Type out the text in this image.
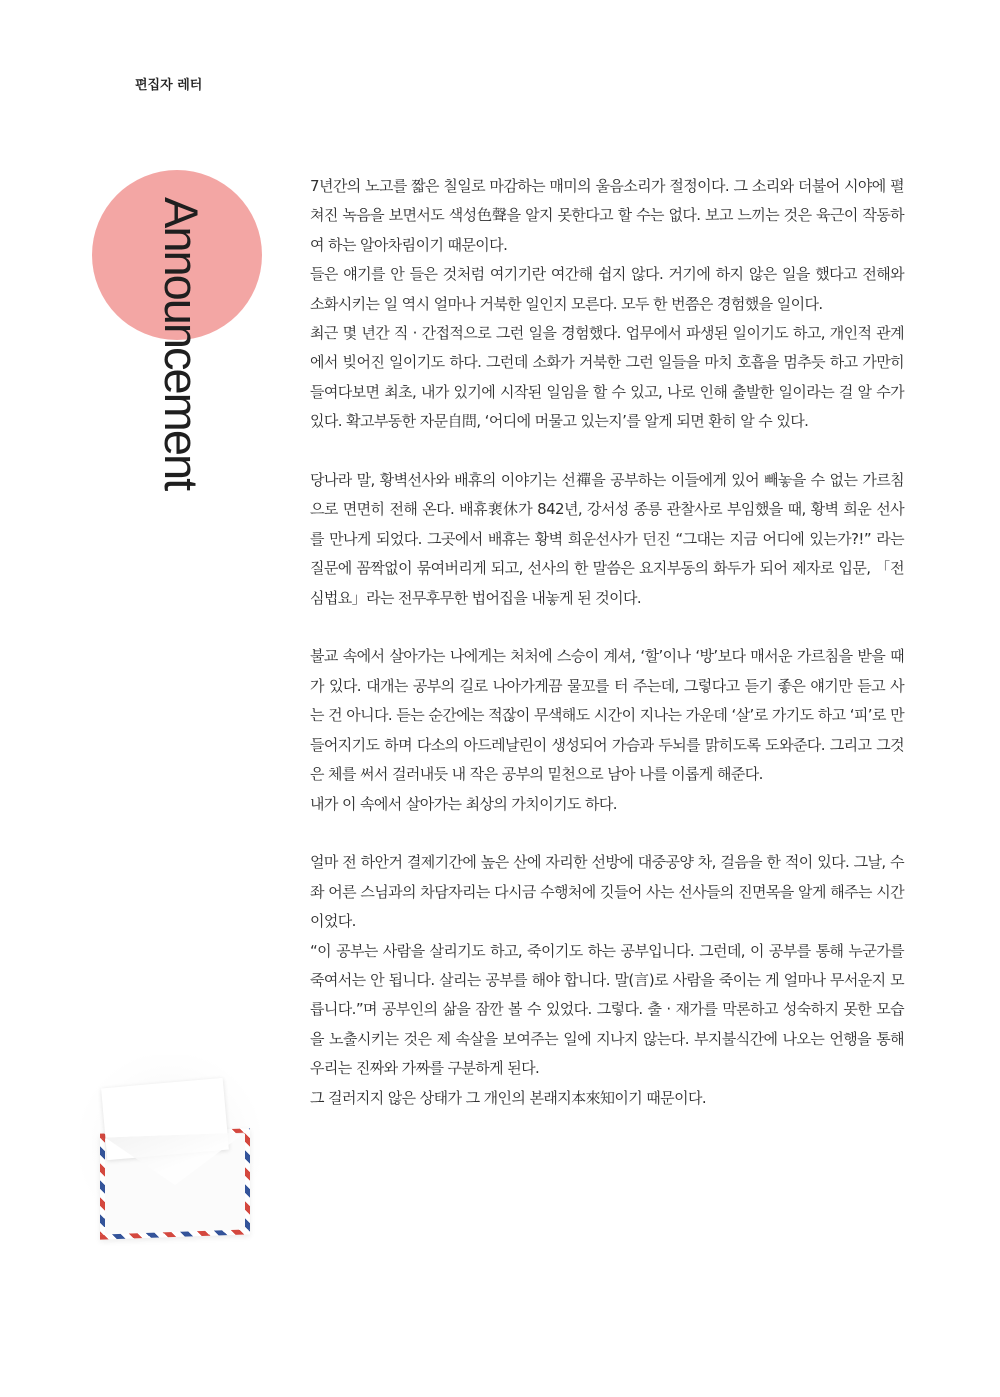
편집자 레터
Announcement

7년간의 노고를 짧은 칠일로 마감하는 매미의 울음소리가 절정이다. 그 소리와 더불어 시야에 펼쳐진 녹음을 보면서도 색성色聲을 알지 못한다고 할 수는 없다. 보고 느끼는 것은 육근이 작동하여 하는 알아차림이기 때문이다.

들은 얘기를 안 들은 것처럼 여기기란 여간해 쉽지 않다. 거기에 하지 않은 일을 했다고 전해와 소화시키는 일 역시 얼마나 거북한 일인지 모른다. 모두 한 번쯤은 경험했을 일이다.

최근 몇 년간 직 · 간접적으로 그런 일을 경험했다. 업무에서 파생된 일이기도 하고, 개인적 관계에서 빚어진 일이기도 하다. 그런데 소화가 거북한 그런 일들을 마치 호흡을 멈추듯 하고 가만히 들여다보면 최초, 내가 있기에 시작된 일임을 할 수 있고, 나로 인해 출발한 일이라는 걸 알 수가 있다. 확고부동한 자문自問, ‘어디에 머물고 있는지’를 알게 되면 환히 알 수 있다.

당나라 말, 황벽선사와 배휴의 이야기는 선禪을 공부하는 이들에게 있어 빼놓을 수 없는 가르침으로 면면히 전해 온다. 배휴裵休가 842년, 강서성 종릉 관찰사로 부임했을 때, 황벽 희운 선사를 만나게 되었다. 그곳에서 배휴는 황벽 희운선사가 던진 “그대는 지금 어디에 있는가?!” 라는 질문에 꼼짝없이 묶여버리게 되고, 선사의 한 말씀은 요지부동의 화두가 되어 제자로 입문, 「전심법요」라는 전무후무한 법어집을 내놓게 된 것이다.

불교 속에서 살아가는 나에게는 처처에 스승이 계셔, ‘할’이나 ‘방’보다 매서운 가르침을 받을 때가 있다. 대개는 공부의 길로 나아가게끔 물꼬를 터 주는데, 그렇다고 듣기 좋은 얘기만 듣고 사는 건 아니다. 듣는 순간에는 적잖이 무색해도 시간이 지나는 가운데 ‘살’로 가기도 하고 ‘피’로 만들어지기도 하며 다소의 아드레날린이 생성되어 가슴과 두뇌를 맑히도록 도와준다. 그리고 그것은 체를 써서 걸러내듯 내 작은 공부의 밑천으로 남아 나를 이롭게 해준다.

내가 이 속에서 살아가는 최상의 가치이기도 하다.

얼마 전 하안거 결제기간에 높은 산에 자리한 선방에 대중공양 차, 걸음을 한 적이 있다. 그날, 수좌 어른 스님과의 차담자리는 다시금 수행처에 깃들어 사는 선사들의 진면목을 알게 해주는 시간이었다.

“이 공부는 사람을 살리기도 하고, 죽이기도 하는 공부입니다. 그런데, 이 공부를 통해 누군가를 죽여서는 안 됩니다. 살리는 공부를 해야 합니다. 말(言)로 사람을 죽이는 게 얼마나 무서운지 모릅니다.”며 공부인의 삶을 잠깐 볼 수 있었다. 그렇다. 출 · 재가를 막론하고 성숙하지 못한 모습을 노출시키는 것은 제 속살을 보여주는 일에 지나지 않는다. 부지불식간에 나오는 언행을 통해 우리는 진짜와 가짜를 구분하게 된다.

그 걸러지지 않은 상태가 그 개인의 본래지本來知이기 때문이다.
